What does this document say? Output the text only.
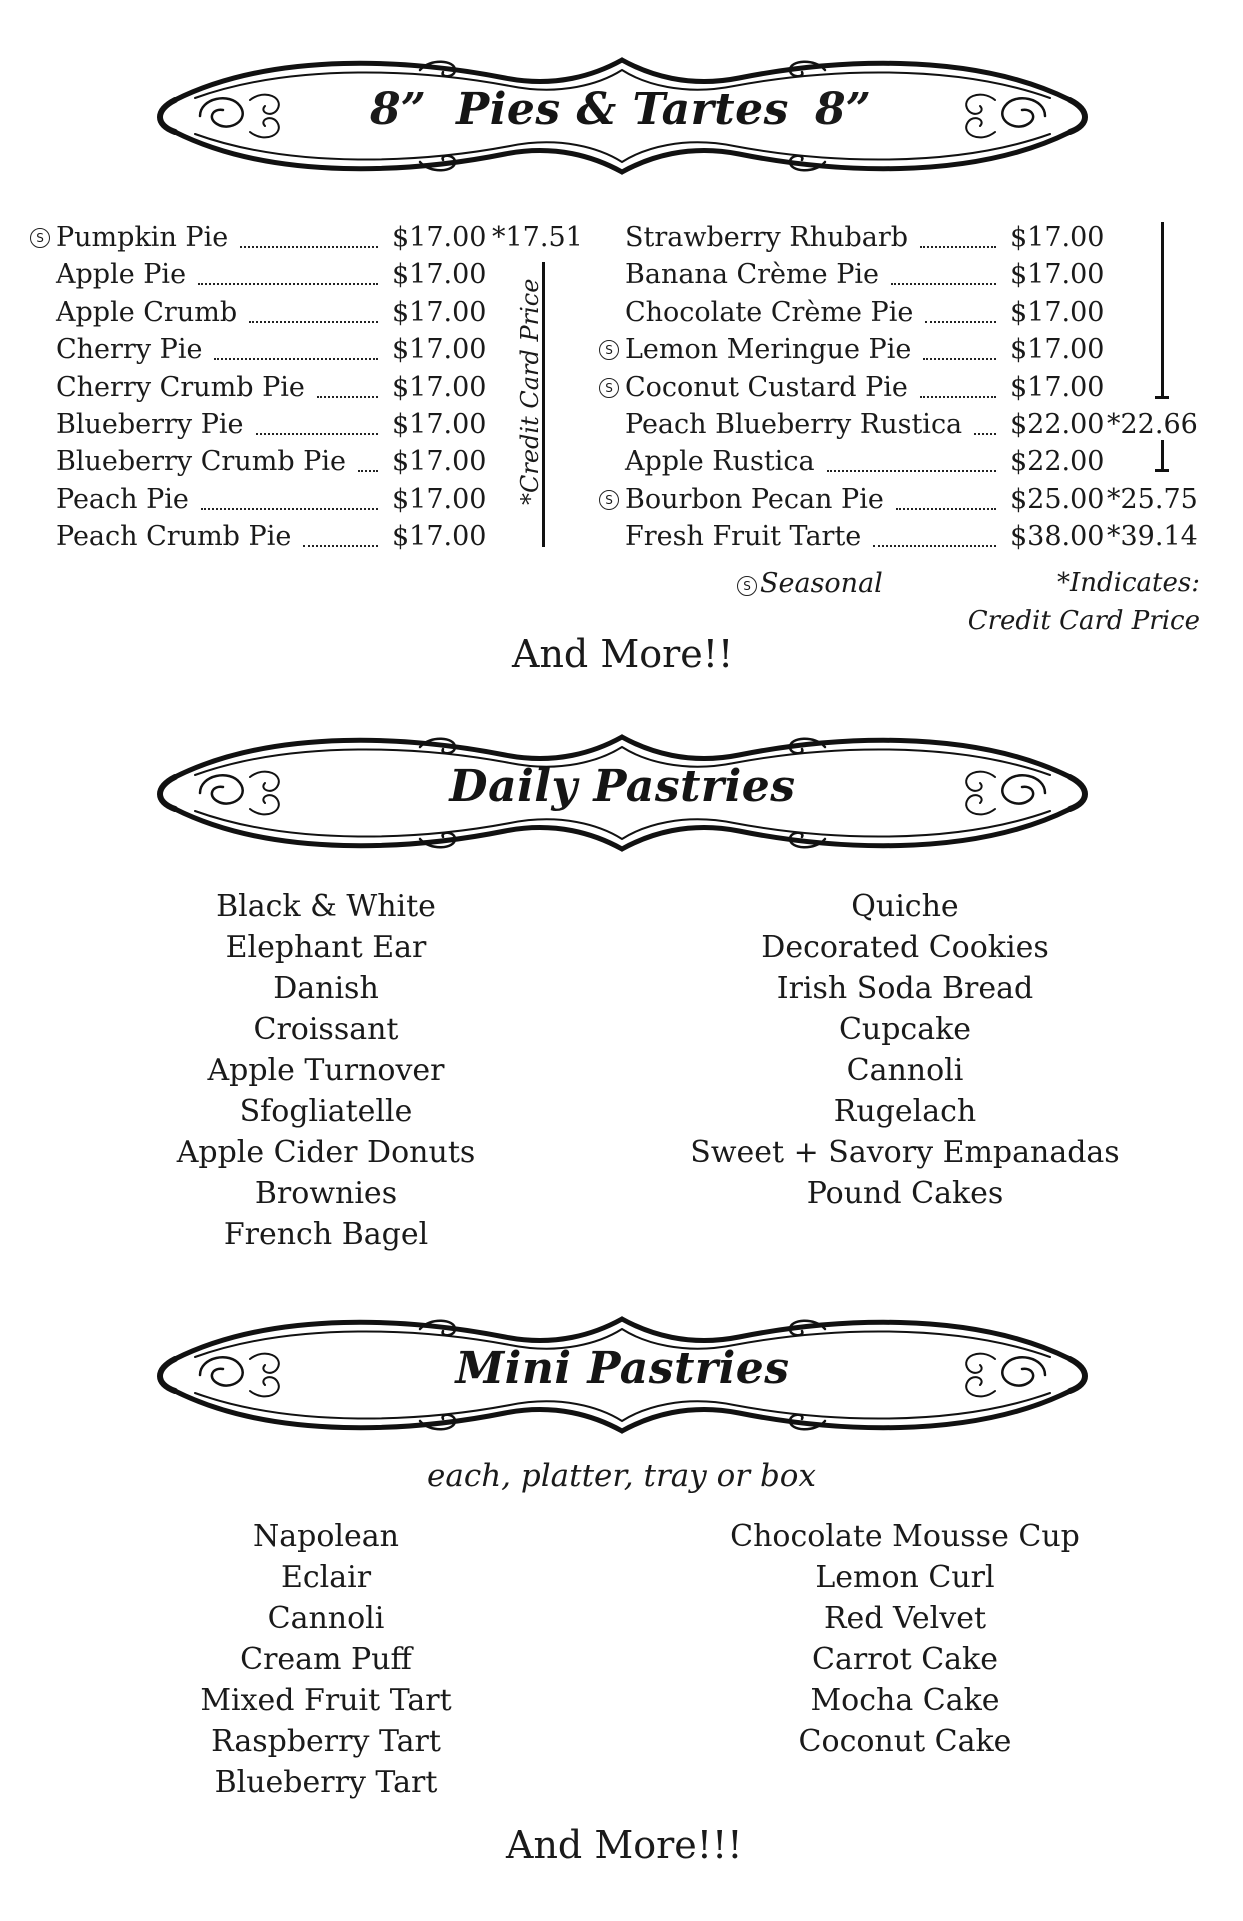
8” Pies & Tartes 8”
S Pumpkin Pie	$17.00 *17.51
Apple Pie	$17.00
Apple Crumb	$17.00
Cherry Pie	$17.00
Cherry Crumb Pie	$17.00
Blueberry Pie	$17.00
Blueberry Crumb Pie $17.00
Peach Pie	$17.00
Peach Crumb Pie	$17.00
Strawberry Rhubarb	$17.00
Banana Crème Pie	$17.00
Chocolate Crème Pie	$17.00
S Lemon Meringue Pie	$17.00
S Coconut Custard Pie	$17.00
Peach Blueberry Rustica $22.00 *22.66
Apple Rustica	$22.00
S Bourbon Pecan Pie	$25.00 *25.75
Fresh Fruit Tarte	$38.00 *39.14
*Credit Card Price
S Seasonal	*Indicates:
Credit Card Price
And More!!
Daily Pastries
Black & White
Elephant Ear
Danish
Croissant
Apple Turnover
Sfogliatelle
Apple Cider Donuts
Brownies
French Bagel
Quiche
Decorated Cookies
Irish Soda Bread
Cupcake
Cannoli
Rugelach
Sweet + Savory Empanadas
Pound Cakes
Mini Pastries
each, platter, tray or box
Napolean
Eclair
Cannoli
Cream Puff
Mixed Fruit Tart
Raspberry Tart
Blueberry Tart
Chocolate Mousse Cup
Lemon Curl
Red Velvet
Carrot Cake
Mocha Cake
Coconut Cake
And More!!!
